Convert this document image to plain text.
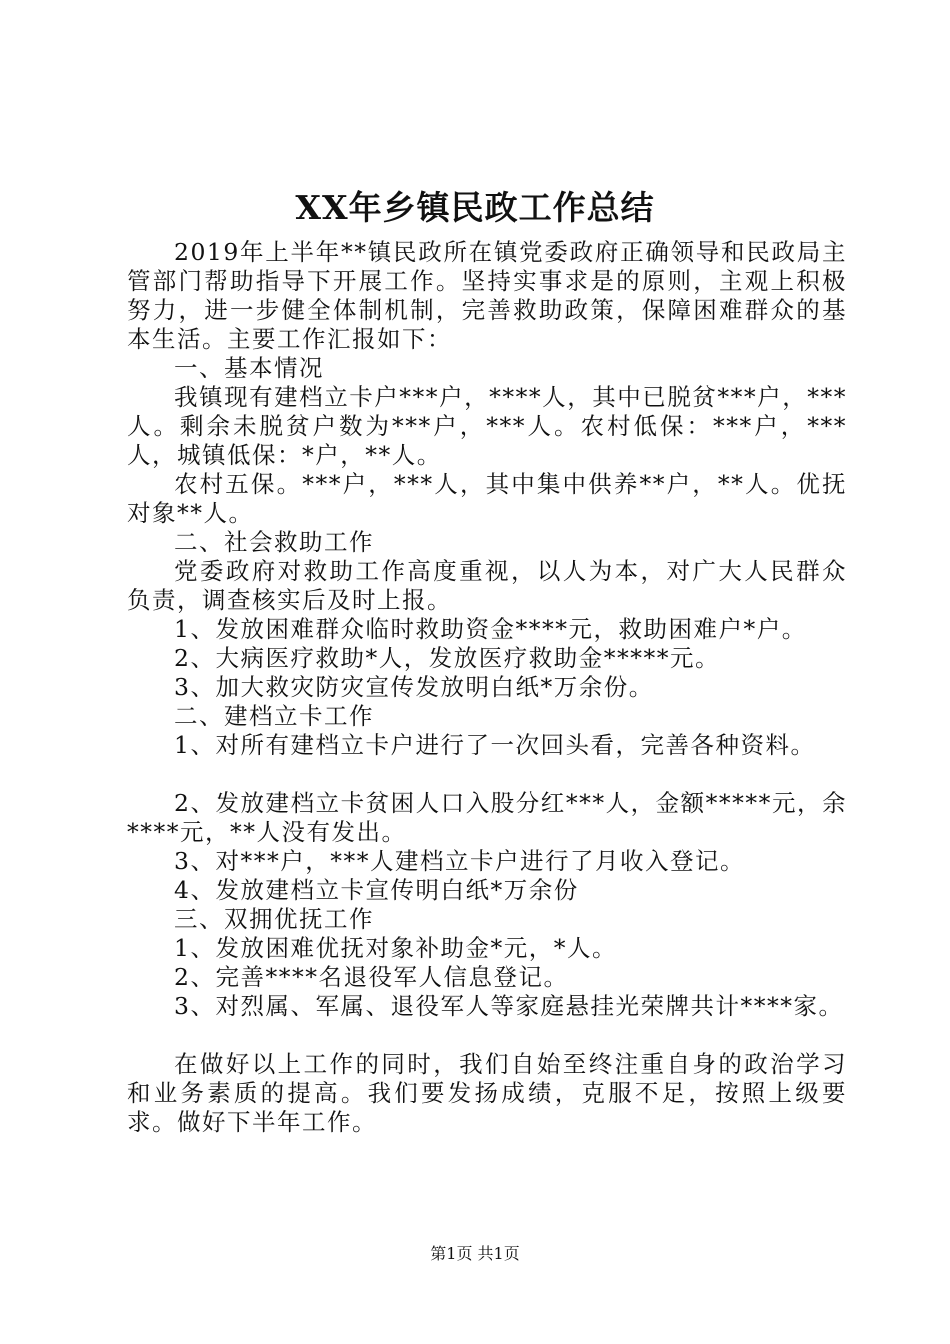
XX年乡镇民政工作总结

2019年上半年**镇民政所在镇党委政府正确领导和民政局主管部门帮助指导下开展工作。坚持实事求是的原则，主观上积极努力，进一步健全体制机制，完善救助政策，保障困难群众的基本生活。主要工作汇报如下：

一、基本情况

我镇现有建档立卡户***户，****人，其中已脱贫***户，***人。剩余未脱贫户数为***户，***人。农村低保：***户，***人，城镇低保：*户，**人。

农村五保。***户，***人，其中集中供养**户，**人。优抚对象**人。

二、社会救助工作

党委政府对救助工作高度重视，以人为本，对广大人民群众负责，调查核实后及时上报。

1、发放困难群众临时救助资金****元，救助困难户*户。

2、大病医疗救助*人，发放医疗救助金*****元。

3、加大救灾防灾宣传发放明白纸*万余份。

二、建档立卡工作

1、对所有建档立卡户进行了一次回头看，完善各种资料。

2、发放建档立卡贫困人口入股分红***人，金额*****元，余****元，**人没有发出。

3、对***户，***人建档立卡户进行了月收入登记。

4、发放建档立卡宣传明白纸*万余份

三、双拥优抚工作

1、发放困难优抚对象补助金*元，*人。

2、完善****名退役军人信息登记。

3、对烈属、军属、退役军人等家庭悬挂光荣牌共计****家。

在做好以上工作的同时，我们自始至终注重自身的政治学习和业务素质的提高。我们要发扬成绩，克服不足，按照上级要求。做好下半年工作。

第1页 共1页
